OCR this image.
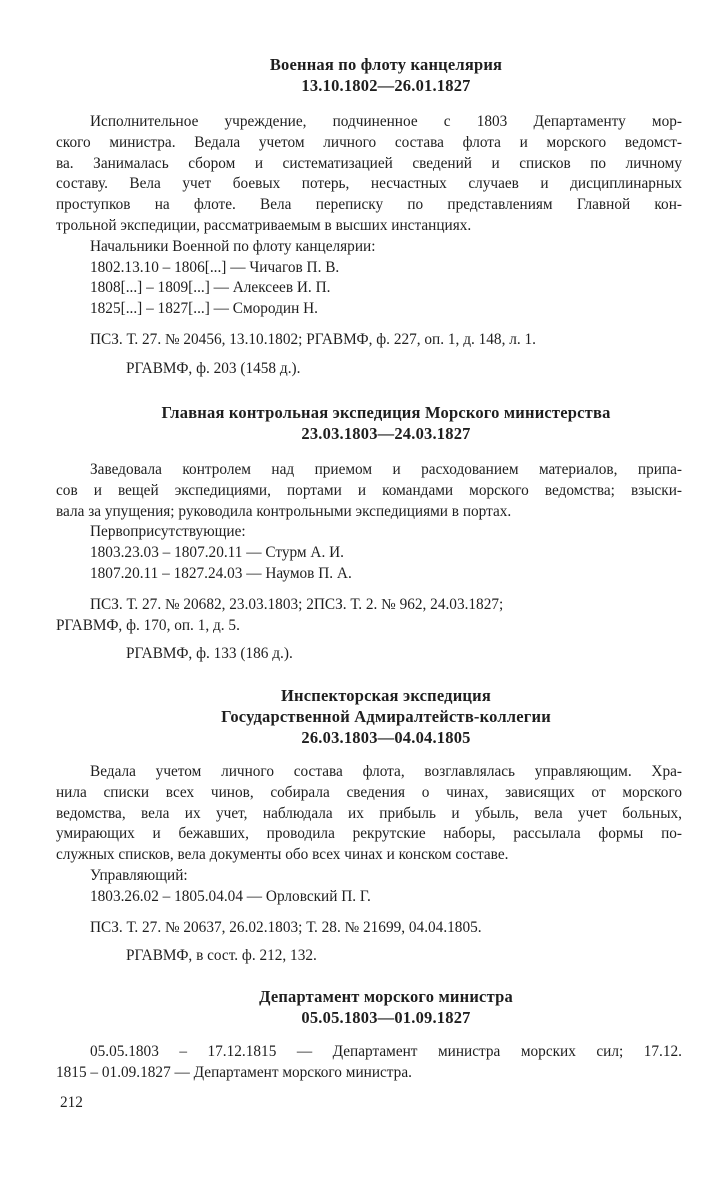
Военная по флоту канцелярия
13.10.1802—26.01.1827
Исполнительное учреждение, подчиненное с 1803 Департаменту мор-
ского министра. Ведала учетом личного состава флота и морского ведомст-
ва. Занималась сбором и систематизацией сведений и списков по личному
составу. Вела учет боевых потерь, несчастных случаев и дисциплинарных
проступков на флоте. Вела переписку по представлениям Главной кон-
трольной экспедиции, рассматриваемым в высших инстанциях.
Начальники Военной по флоту канцелярии:
1802.13.10 – 1806[...] — Чичагов П. В.
1808[...] – 1809[...] — Алексеев И. П.
1825[...] – 1827[...] — Смородин Н.
ПСЗ. Т. 27. № 20456, 13.10.1802; РГАВМФ, ф. 227, оп. 1, д. 148, л. 1.
РГАВМФ, ф. 203 (1458 д.).
Главная контрольная экспедиция Морского министерства
23.03.1803—24.03.1827
Заведовала контролем над приемом и расходованием материалов, припа-
сов и вещей экспедициями, портами и командами морского ведомства; взыски-
вала за упущения; руководила контрольными экспедициями в портах.
Первоприсутствующие:
1803.23.03 – 1807.20.11 — Стурм А. И.
1807.20.11 – 1827.24.03 — Наумов П. А.
ПСЗ. Т. 27. № 20682, 23.03.1803; 2ПСЗ. Т. 2. № 962, 24.03.1827;
РГАВМФ, ф. 170, оп. 1, д. 5.
РГАВМФ, ф. 133 (186 д.).
Инспекторская экспедиция
Государственной Адмиралтейств-коллегии
26.03.1803—04.04.1805
Ведала учетом личного состава флота, возглавлялась управляющим. Хра-
нила списки всех чинов, собирала сведения о чинах, зависящих от морского
ведомства, вела их учет, наблюдала их прибыль и убыль, вела учет больных,
умирающих и бежавших, проводила рекрутские наборы, рассылала формы по-
служных списков, вела документы обо всех чинах и конском составе.
Управляющий:
1803.26.02 – 1805.04.04 — Орловский П. Г.
ПСЗ. Т. 27. № 20637, 26.02.1803; Т. 28. № 21699, 04.04.1805.
РГАВМФ, в сост. ф. 212, 132.
Департамент морского министра
05.05.1803—01.09.1827
05.05.1803 – 17.12.1815 — Департамент министра морских сил; 17.12.
1815 – 01.09.1827 — Департамент морского министра.
212
